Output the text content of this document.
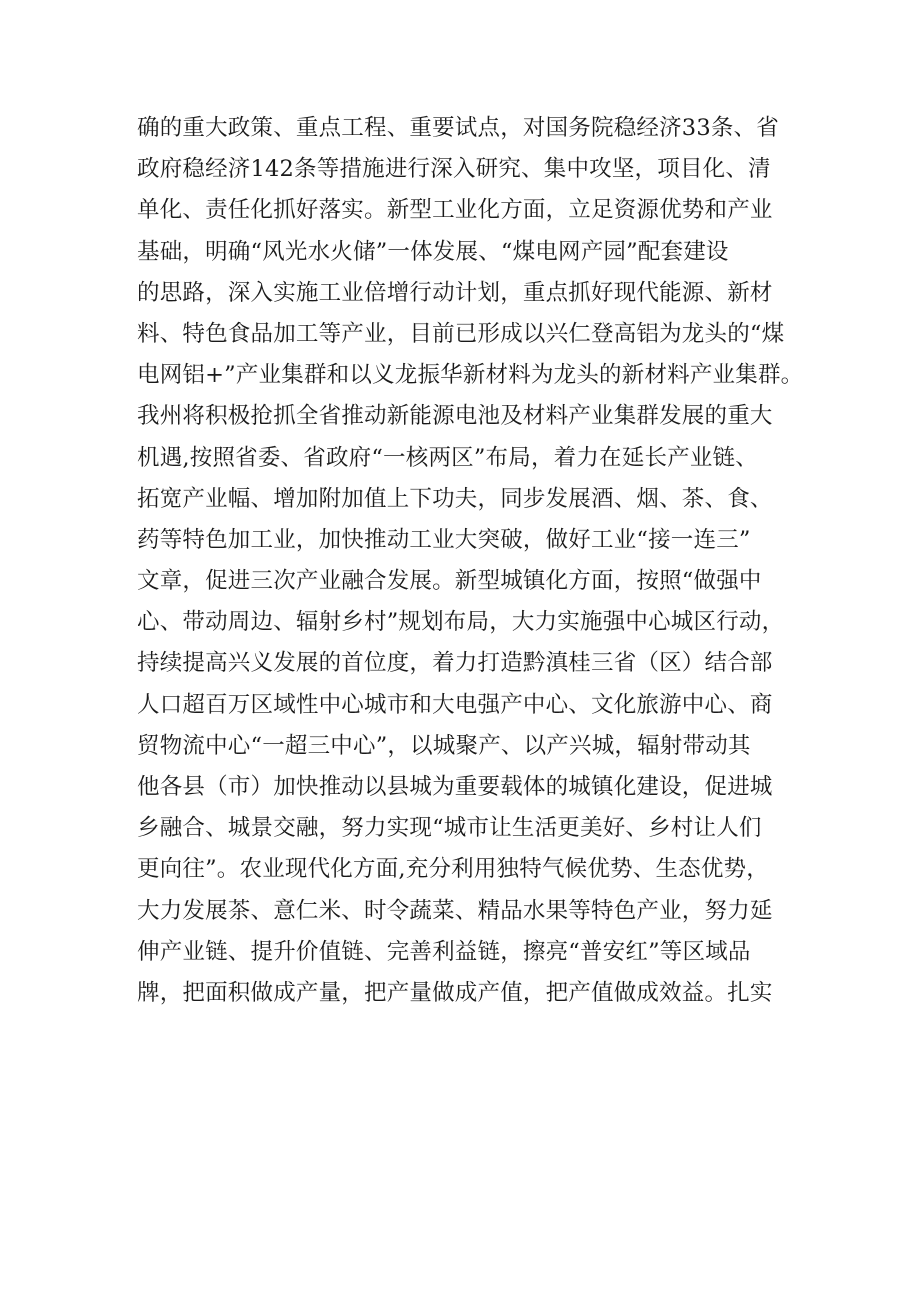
确的重大政策、重点工程、重要试点，对国务院稳经济33条、省
政府稳经济142条等措施进行深入研究、集中攻坚，项目化、清
单化、责任化抓好落实。新型工业化方面，立足资源优势和产业
基础，明确“风光水火储”一体发展、“煤电网产园”配套建设
的思路，深入实施工业倍增行动计划，重点抓好现代能源、新材
料、特色食品加工等产业，目前已形成以兴仁登高铝为龙头的“煤
电网铝+”产业集群和以义龙振华新材料为龙头的新材料产业集群。
我州将积极抢抓全省推动新能源电池及材料产业集群发展的重大
机遇,按照省委、省政府“一核两区”布局，着力在延长产业链、
拓宽产业幅、增加附加值上下功夫，同步发展酒、烟、茶、食、
药等特色加工业，加快推动工业大突破，做好工业“接一连三”
文章，促进三次产业融合发展。新型城镇化方面，按照“做强中
心、带动周边、辐射乡村”规划布局，大力实施强中心城区行动，
持续提高兴义发展的首位度，着力打造黔滇桂三省（区）结合部
人口超百万区域性中心城市和大电强产中心、文化旅游中心、商
贸物流中心“一超三中心”，以城聚产、以产兴城，辐射带动其
他各县（市）加快推动以县城为重要载体的城镇化建设，促进城
乡融合、城景交融，努力实现“城市让生活更美好、乡村让人们
更向往”。农业现代化方面,充分利用独特气候优势、生态优势，
大力发展茶、意仁米、时令蔬菜、精品水果等特色产业，努力延
伸产业链、提升价值链、完善利益链，擦亮“普安红”等区域品
牌，把面积做成产量，把产量做成产值，把产值做成效益。扎实
